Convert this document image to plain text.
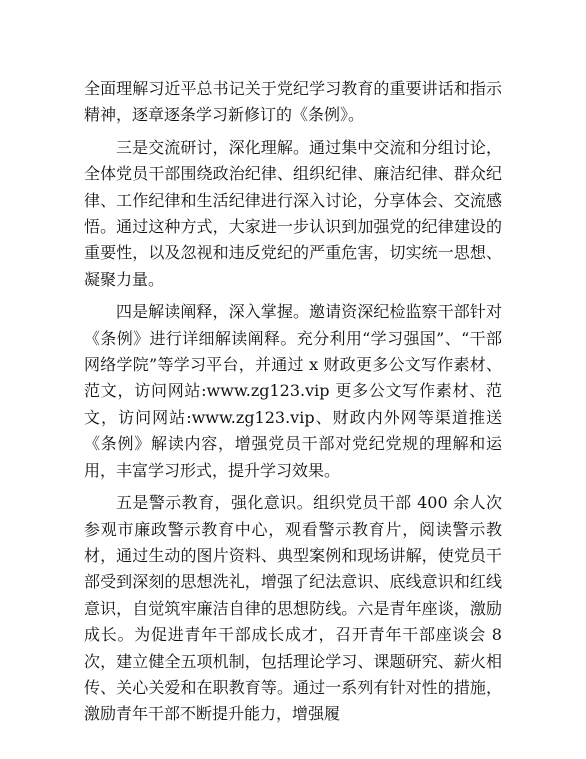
全面理解习近平总书记关于党纪学习教育的重要讲话和指示精神，逐章逐条学习新修订的《条例》。

三是交流研讨，深化理解。通过集中交流和分组讨论，全体党员干部围绕政治纪律、组织纪律、廉洁纪律、群众纪律、工作纪律和生活纪律进行深入讨论，分享体会、交流感悟。通过这种方式，大家进一步认识到加强党的纪律建设的重要性，以及忽视和违反党纪的严重危害，切实统一思想、凝聚力量。

四是解读阐释，深入掌握。邀请资深纪检监察干部针对《条例》进行详细解读阐释。充分利用“学习强国”、“干部网络学院”等学习平台，并通过 x 财政更多公文写作素材、范文，访问网站:www.zg123.vip 更多公文写作素材、范文，访问网站:www.zg123.vip、财政内外网等渠道推送《条例》解读内容，增强党员干部对党纪党规的理解和运用，丰富学习形式，提升学习效果。

五是警示教育，强化意识。组织党员干部 400 余人次参观市廉政警示教育中心，观看警示教育片，阅读警示教材，通过生动的图片资料、典型案例和现场讲解，使党员干部受到深刻的思想洗礼，增强了纪法意识、底线意识和红线意识，自觉筑牢廉洁自律的思想防线。六是青年座谈，激励成长。为促进青年干部成长成才，召开青年干部座谈会 8 次，建立健全五项机制，包括理论学习、课题研究、薪火相传、关心关爱和在职教育等。通过一系列有针对性的措施，激励青年干部不断提升能力，增强履
